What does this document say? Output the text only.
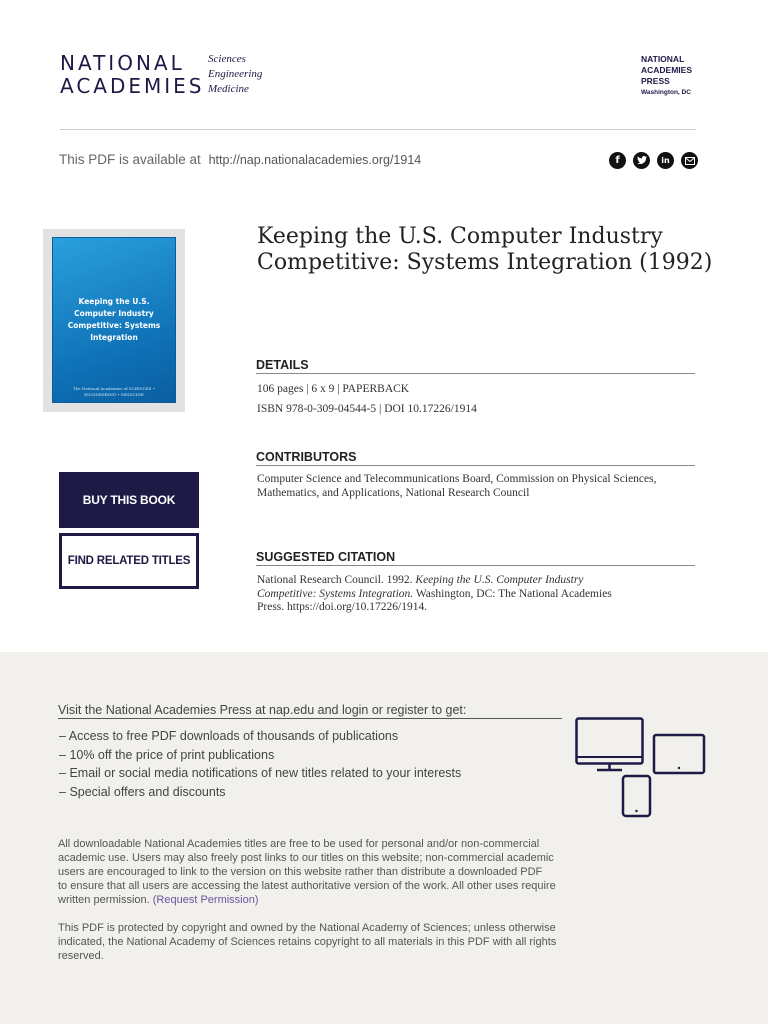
NATIONAL
ACADEMIES
Sciences
Engineering
Medicine
NATIONAL
ACADEMIES
PRESS
Washington, DC
This PDF is available at http://nap.nationalacademies.org/1914	f	in
Keeping the U.S. Computer Industry Competitive: Systems Integration
The National Academies of SCIENCES • ENGINEERING • MEDICINE
Keeping the U.S. Computer Industry Competitive: Systems Integration (1992)
DETAILS
106 pages | 6 x 9 | PAPERBACK
ISBN 978-0-309-04544-5 | DOI 10.17226/1914
CONTRIBUTORS
Computer Science and Telecommunications Board, Commission on Physical Sciences,
Mathematics, and Applications, National Research Council
SUGGESTED CITATION
National Research Council. 1992. Keeping the U.S. Computer Industry
Competitive: Systems Integration. Washington, DC: The National Academies
Press. https://doi.org/10.17226/1914.
BUY THIS BOOK
FIND RELATED TITLES
Visit the National Academies Press at nap.edu and login or register to get:
– Access to free PDF downloads of thousands of publications
– 10% off the price of print publications
– Email or social media notifications of new titles related to your interests
– Special offers and discounts
All downloadable National Academies titles are free to be used for personal and/or non-commercial
academic use. Users may also freely post links to our titles on this website; non-commercial academic
users are encouraged to link to the version on this website rather than distribute a downloaded PDF
to ensure that all users are accessing the latest authoritative version of the work. All other uses require
written permission. (Request Permission)
This PDF is protected by copyright and owned by the National Academy of Sciences; unless otherwise
indicated, the National Academy of Sciences retains copyright to all materials in this PDF with all rights
reserved.
